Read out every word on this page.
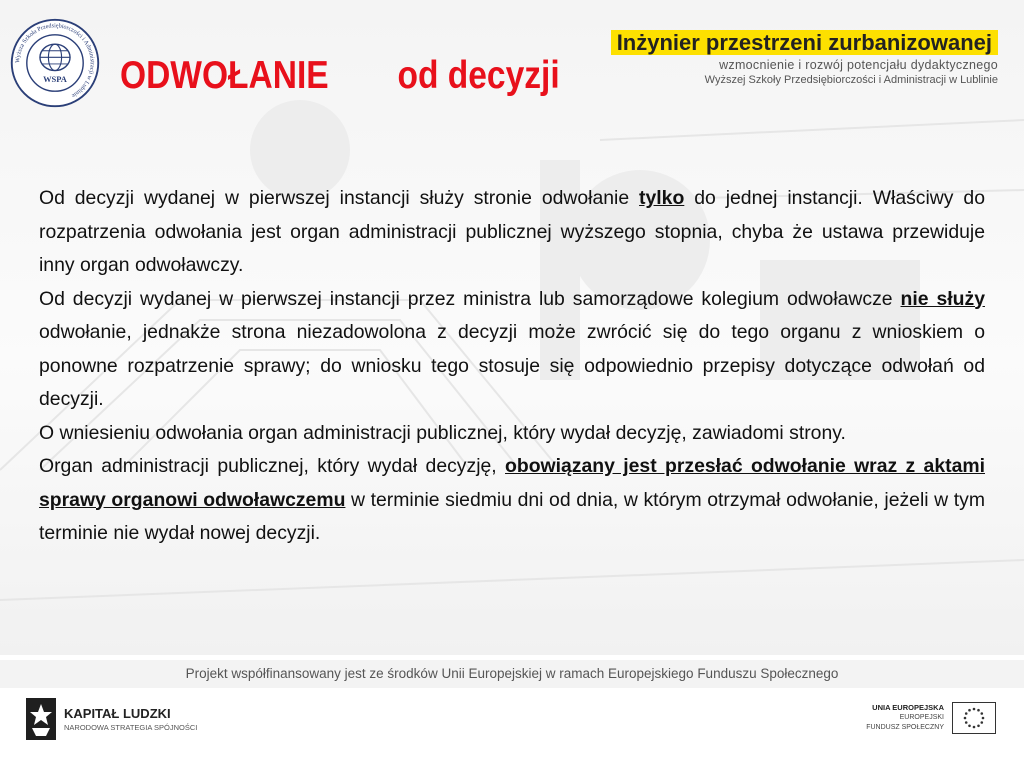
WSPA
Wyższa Szkoła Przedsiębiorczości i Administracji w Lublinie	ODWOŁANIE od decyzji
Inżynier przestrzeni zurbanizowanej
wzmocnienie i rozwój potencjału dydaktycznego
Wyższej Szkoły Przedsiębiorczości i Administracji w Lublinie

Od decyzji wydanej w pierwszej instancji służy stronie odwołanie tylko do jednej instancji. Właściwy do rozpatrzenia odwołania jest organ administracji publicznej wyższego stopnia, chyba że ustawa przewiduje inny organ odwoławczy.

Od decyzji wydanej w pierwszej instancji przez ministra lub samorządowe kolegium odwoławcze nie służy odwołanie, jednakże strona niezadowolona z decyzji może zwrócić się do tego organu z wnioskiem o ponowne rozpatrzenie sprawy; do wniosku tego stosuje się odpowiednio przepisy dotyczące odwołań od decyzji.

O wniesieniu odwołania organ administracji publicznej, który wydał decyzję, zawiadomi strony.

Organ administracji publicznej, który wydał decyzję, obowiązany jest przesłać odwołanie wraz z aktami sprawy organowi odwoławczemu w terminie siedmiu dni od dnia, w którym otrzymał odwołanie, jeżeli w tym terminie nie wydał nowej decyzji.

Projekt współfinansowany jest ze środków Unii Europejskiej w ramach Europejskiego Funduszu Społecznego
KAPITAŁ LUDZKI
NARODOWA STRATEGIA SPÓJNOŚCI
UNIA EUROPEJSKA
EUROPEJSKI
FUNDUSZ SPOŁECZNY
